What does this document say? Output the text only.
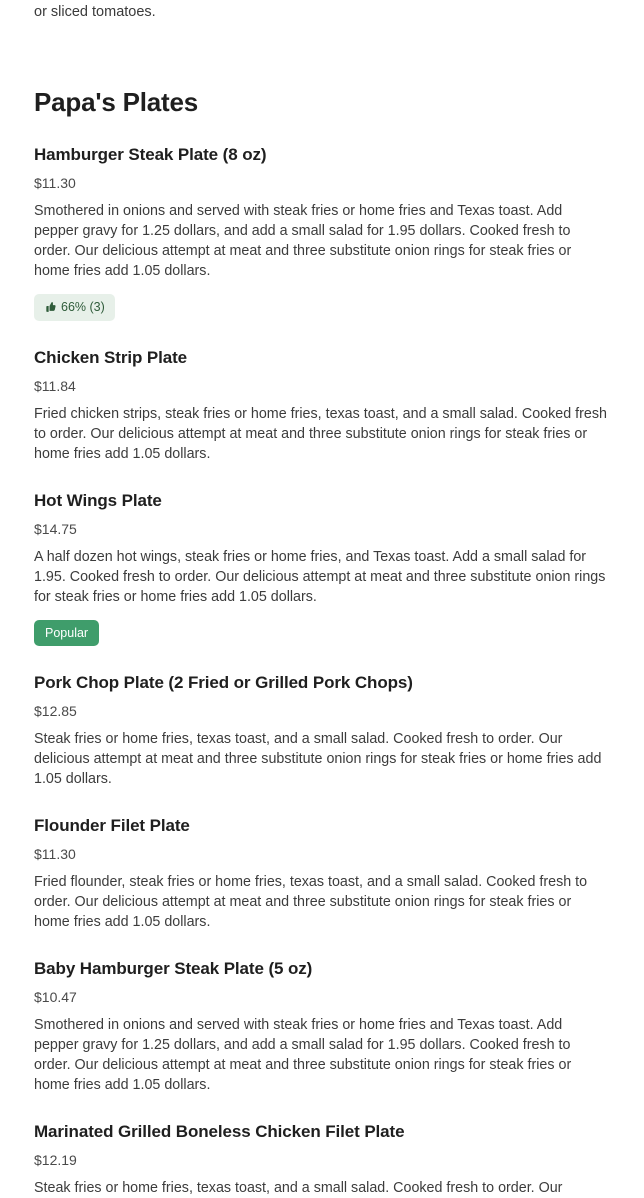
or sliced tomatoes.

Papa's Plates
Hamburger Steak Plate (8 oz)
$11.30

Smothered in onions and served with steak fries or home fries and Texas toast. Add pepper gravy for 1.25 dollars, and add a small salad for 1.95 dollars. Cooked fresh to order. Our delicious attempt at meat and three substitute onion rings for steak fries or home fries add 1.05 dollars.

66% (3)
Chicken Strip Plate
$11.84

Fried chicken strips, steak fries or home fries, texas toast, and a small salad. Cooked fresh to order. Our delicious attempt at meat and three substitute onion rings for steak fries or home fries add 1.05 dollars.

Hot Wings Plate
$14.75

A half dozen hot wings, steak fries or home fries, and Texas toast. Add a small salad for 1.95. Cooked fresh to order. Our delicious attempt at meat and three substitute onion rings for steak fries or home fries add 1.05 dollars.

Popular
Pork Chop Plate (2 Fried or Grilled Pork Chops)
$12.85

Steak fries or home fries, texas toast, and a small salad. Cooked fresh to order. Our delicious attempt at meat and three substitute onion rings for steak fries or home fries add 1.05 dollars.

Flounder Filet Plate
$11.30

Fried flounder, steak fries or home fries, texas toast, and a small salad. Cooked fresh to order. Our delicious attempt at meat and three substitute onion rings for steak fries or home fries add 1.05 dollars.

Baby Hamburger Steak Plate (5 oz)
$10.47

Smothered in onions and served with steak fries or home fries and Texas toast. Add pepper gravy for 1.25 dollars, and add a small salad for 1.95 dollars. Cooked fresh to order. Our delicious attempt at meat and three substitute onion rings for steak fries or home fries add 1.05 dollars.

Marinated Grilled Boneless Chicken Filet Plate
$12.19

Steak fries or home fries, texas toast, and a small salad. Cooked fresh to order. Our
